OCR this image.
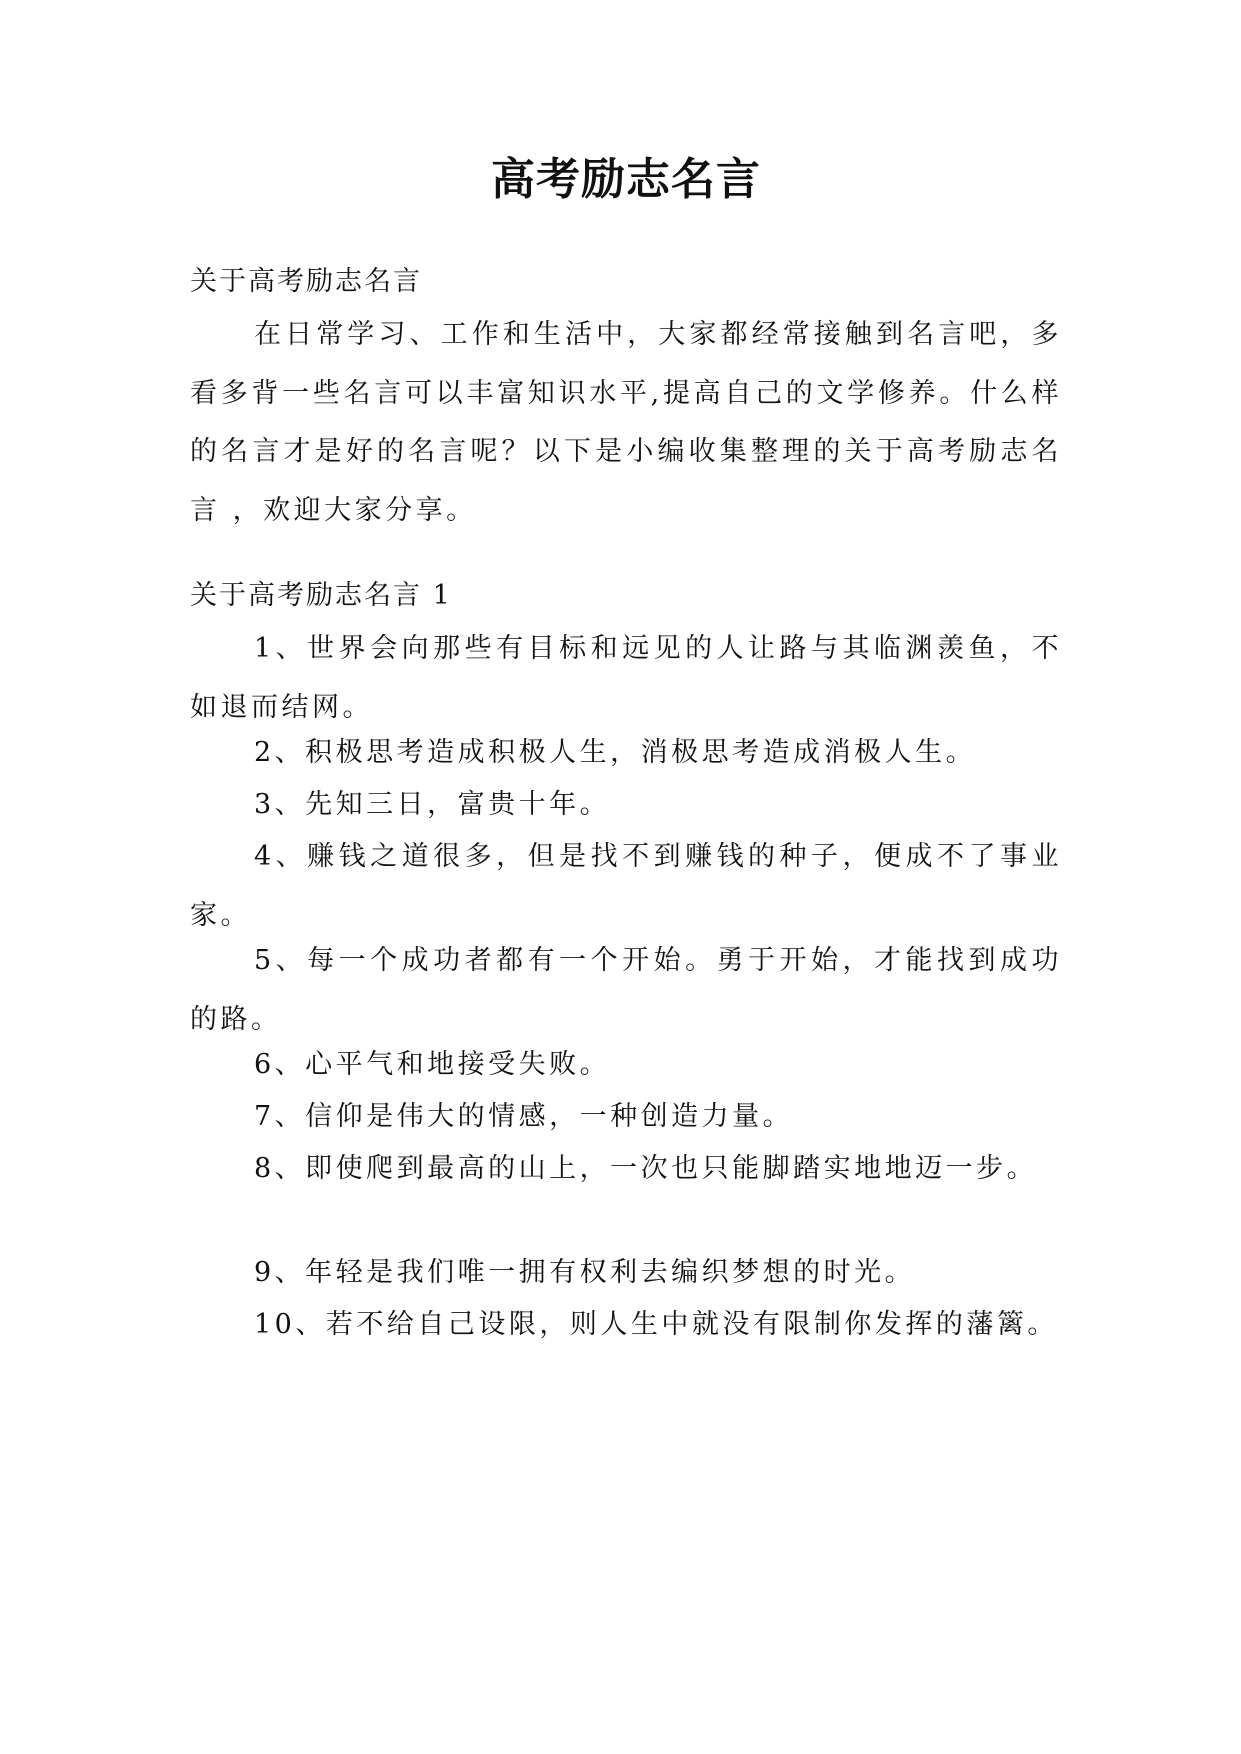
高考励志名言
关于高考励志名言

在日常学习、工作和生活中，大家都经常接触到名言吧，多看多背一些名言可以丰富知识水平,提高自己的文学修养。什么样的名言才是好的名言呢？以下是小编收集整理的关于高考励志名言 ，欢迎大家分享。

关于高考励志名言 1

1、世界会向那些有目标和远见的人让路与其临渊羡鱼，不如退而结网。

2、积极思考造成积极人生，消极思考造成消极人生。

3、先知三日，富贵十年。

4、赚钱之道很多，但是找不到赚钱的种子，便成不了事业家。

5、每一个成功者都有一个开始。勇于开始，才能找到成功的路。

6、心平气和地接受失败。

7、信仰是伟大的情感，一种创造力量。

8、即使爬到最高的山上，一次也只能脚踏实地地迈一步。

9、年轻是我们唯一拥有权利去编织梦想的时光。

10、若不给自己设限，则人生中就没有限制你发挥的藩篱。
